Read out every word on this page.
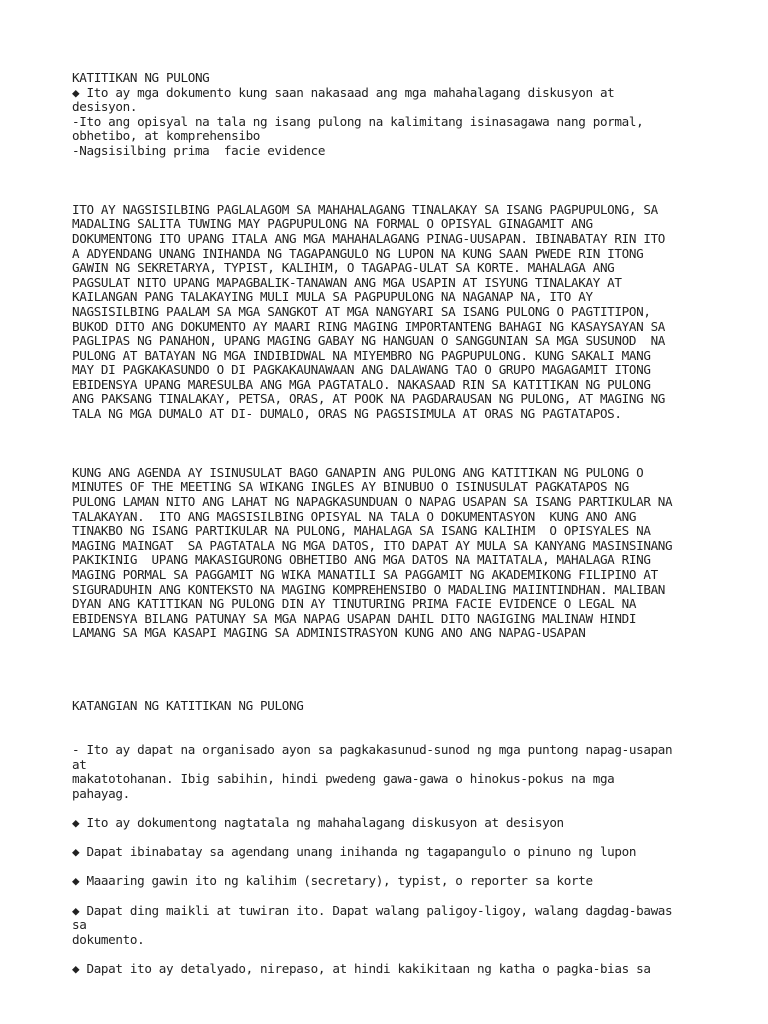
KATITIKAN NG PULONG
◆ Ito ay mga dokumento kung saan nakasaad ang mga mahahalagang diskusyon at
desisyon.
-Ito ang opisyal na tala ng isang pulong na kalimitang isinasagawa nang pormal,
obhetibo, at komprehensibo
-Nagsisilbing prima  facie evidence
ITO AY NAGSISILBING PAGLALAGOM SA MAHAHALAGANG TINALAKAY SA ISANG PAGPUPULONG, SA
MADALING SALITA TUWING MAY PAGPUPULONG NA FORMAL O OPISYAL GINAGAMIT ANG
DOKUMENTONG ITO UPANG ITALA ANG MGA MAHAHALAGANG PINAG-UUSAPAN. IBINABATAY RIN ITO
A ADYENDANG UNANG INIHANDA NG TAGAPANGULO NG LUPON NA KUNG SAAN PWEDE RIN ITONG
GAWIN NG SEKRETARYA, TYPIST, KALIHIM, O TAGAPAG-ULAT SA KORTE. MAHALAGA ANG
PAGSULAT NITO UPANG MAPAGBALIK-TANAWAN ANG MGA USAPIN AT ISYUNG TINALAKAY AT
KAILANGAN PANG TALAKAYING MULI MULA SA PAGPUPULONG NA NAGANAP NA, ITO AY
NAGSISILBING PAALAM SA MGA SANGKOT AT MGA NANGYARI SA ISANG PULONG O PAGTITIPON,
BUKOD DITO ANG DOKUMENTO AY MAARI RING MAGING IMPORTANTENG BAHAGI NG KASAYSAYAN SA
PAGLIPAS NG PANAHON, UPANG MAGING GABAY NG HANGUAN O SANGGUNIAN SA MGA SUSUNOD  NA
PULONG AT BATAYAN NG MGA INDIBIDWAL NA MIYEMBRO NG PAGPUPULONG. KUNG SAKALI MANG
MAY DI PAGKAKASUNDO O DI PAGKAKAUNAWAAN ANG DALAWANG TAO O GRUPO MAGAGAMIT ITONG
EBIDENSYA UPANG MARESULBA ANG MGA PAGTATALO. NAKASAAD RIN SA KATITIKAN NG PULONG
ANG PAKSANG TINALAKAY, PETSA, ORAS, AT POOK NA PAGDARAUSAN NG PULONG, AT MAGING NG
TALA NG MGA DUMALO AT DI- DUMALO, ORAS NG PAGSISIMULA AT ORAS NG PAGTATAPOS.
KUNG ANG AGENDA AY ISINUSULAT BAGO GANAPIN ANG PULONG ANG KATITIKAN NG PULONG O
MINUTES OF THE MEETING SA WIKANG INGLES AY BINUBUO O ISINUSULAT PAGKATAPOS NG
PULONG LAMAN NITO ANG LAHAT NG NAPAGKASUNDUAN O NAPAG USAPAN SA ISANG PARTIKULAR NA
TALAKAYAN.  ITO ANG MAGSISILBING OPISYAL NA TALA O DOKUMENTASYON  KUNG ANO ANG
TINAKBO NG ISANG PARTIKULAR NA PULONG, MAHALAGA SA ISANG KALIHIM  O OPISYALES NA
MAGING MAINGAT  SA PAGTATALA NG MGA DATOS, ITO DAPAT AY MULA SA KANYANG MASINSINANG
PAKIKINIG  UPANG MAKASIGURONG OBHETIBO ANG MGA DATOS NA MAITATALA, MAHALAGA RING
MAGING PORMAL SA PAGGAMIT NG WIKA MANATILI SA PAGGAMIT NG AKADEMIKONG FILIPINO AT
SIGURADUHIN ANG KONTEKSTO NA MAGING KOMPREHENSIBO O MADALING MAIINTINDHAN. MALIBAN
DYAN ANG KATITIKAN NG PULONG DIN AY TINUTURING PRIMA FACIE EVIDENCE O LEGAL NA
EBIDENSYA BILANG PATUNAY SA MGA NAPAG USAPAN DAHIL DITO NAGIGING MALINAW HINDI
LAMANG SA MGA KASAPI MAGING SA ADMINISTRASYON KUNG ANO ANG NAPAG-USAPAN
KATANGIAN NG KATITIKAN NG PULONG
- Ito ay dapat na organisado ayon sa pagkakasunud-sunod ng mga puntong napag-usapan
at
makatotohanan. Ibig sabihin, hindi pwedeng gawa-gawa o hinokus-pokus na mga
pahayag.
◆ Ito ay dokumentong nagtatala ng mahahalagang diskusyon at desisyon
◆ Dapat ibinabatay sa agendang unang inihanda ng tagapangulo o pinuno ng lupon
◆ Maaaring gawin ito ng kalihim (secretary), typist, o reporter sa korte
◆ Dapat ding maikli at tuwiran ito. Dapat walang paligoy-ligoy, walang dagdag-bawas
sa
dokumento.
◆ Dapat ito ay detalyado, nirepaso, at hindi kakikitaan ng katha o pagka-bias sa
